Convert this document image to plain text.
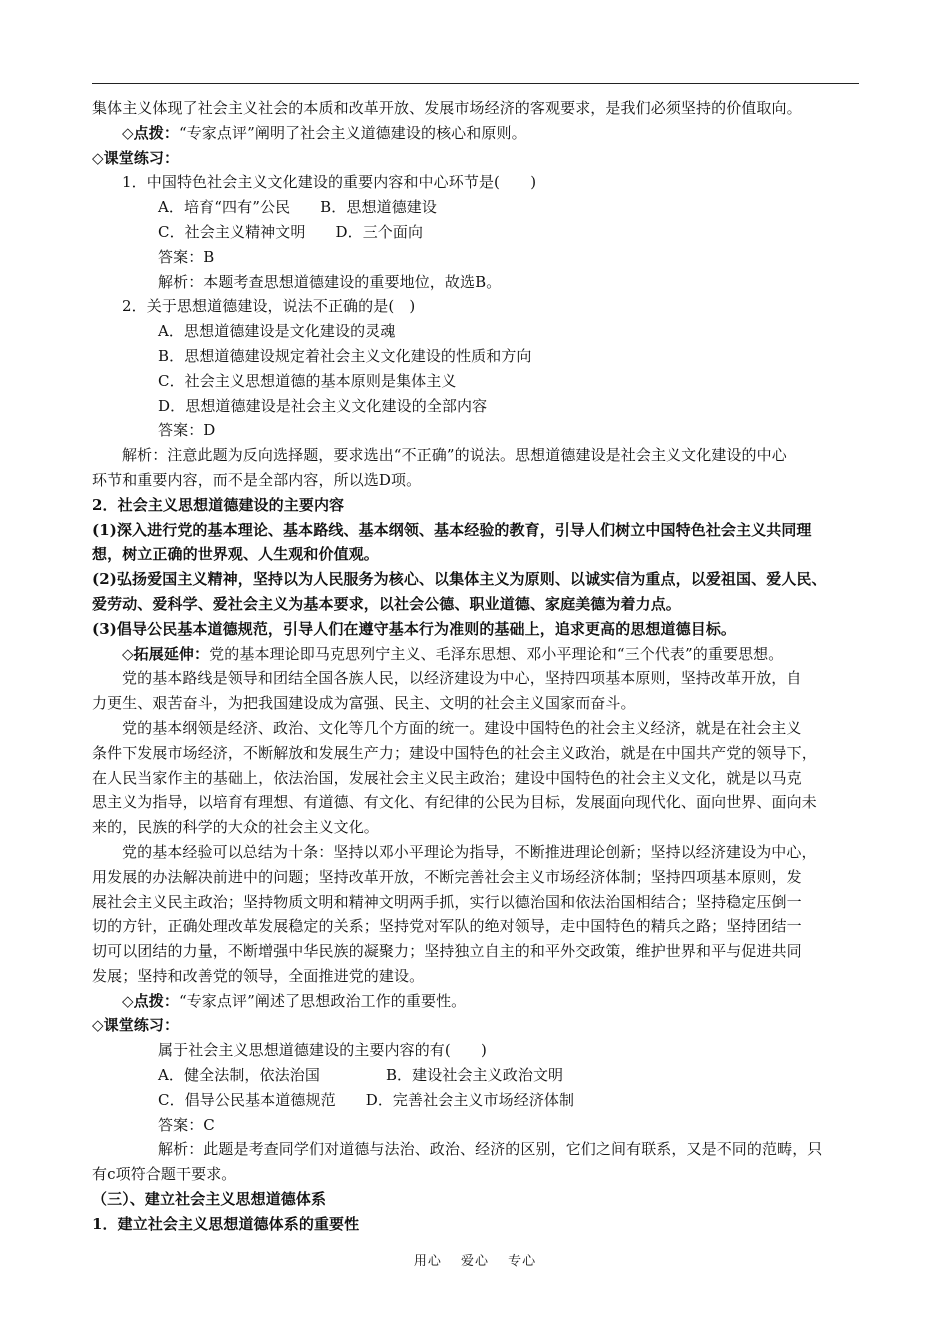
集体主义体现了社会主义社会的本质和改革开放、发展市场经济的客观要求，是我们必须坚持的价值取向。
◇点拨：“专家点评”阐明了社会主义道德建设的核心和原则。
◇课堂练习：
1．中国特色社会主义文化建设的重要内容和中心环节是(　　)
A．培育“四有”公民 B．思想道德建设
C．社会主义精神文明 D．三个面向
答案：B
解析：本题考查思想道德建设的重要地位，故选B。
2．关于思想道德建设，说法不正确的是(　)
A．思想道德建设是文化建设的灵魂
B．思想道德建设规定着社会主义文化建设的性质和方向
C．社会主义思想道德的基本原则是集体主义
D．思想道德建设是社会主义文化建设的全部内容
答案：D
解析：注意此题为反向选择题，要求选出“不正确”的说法。思想道德建设是社会主义文化建设的中心
环节和重要内容，而不是全部内容，所以选D项。
2．社会主义思想道德建设的主要内容
(1)深入进行党的基本理论、基本路线、基本纲领、基本经验的教育，引导人们树立中国特色社会主义共同理
想，树立正确的世界观、人生观和价值观。
(2)弘扬爱国主义精神，坚持以为人民服务为核心、以集体主义为原则、以诚实信为重点，以爱祖国、爱人民、
爱劳动、爱科学、爱社会主义为基本要求，以社会公德、职业道德、家庭美德为着力点。
(3)倡导公民基本道德规范，引导人们在遵守基本行为准则的基础上，追求更高的思想道德目标。
◇拓展延伸：党的基本理论即马克思列宁主义、毛泽东思想、邓小平理论和“三个代表”的重要思想。
党的基本路线是领导和团结全国各族人民，以经济建设为中心，坚持四项基本原则，坚持改革开放，自
力更生、艰苦奋斗，为把我国建设成为富强、民主、文明的社会主义国家而奋斗。
党的基本纲领是经济、政治、文化等几个方面的统一。建设中国特色的社会主义经济，就是在社会主义
条件下发展市场经济，不断解放和发展生产力；建设中国特色的社会主义政治，就是在中国共产党的领导下，
在人民当家作主的基础上，依法治国，发展社会主义民主政治；建设中国特色的社会主义文化，就是以马克
思主义为指导，以培育有理想、有道德、有文化、有纪律的公民为目标，发展面向现代化、面向世界、面向未
来的，民族的科学的大众的社会主义文化。
党的基本经验可以总结为十条：坚持以邓小平理论为指导，不断推进理论创新；坚持以经济建设为中心，
用发展的办法解决前进中的问题；坚持改革开放，不断完善社会主义市场经济体制；坚持四项基本原则，发
展社会主义民主政治；坚持物质文明和精神文明两手抓，实行以德治国和依法治国相结合；坚持稳定压倒一
切的方针，正确处理改革发展稳定的关系；坚持党对军队的绝对领导，走中国特色的精兵之路；坚持团结一
切可以团结的力量，不断增强中华民族的凝聚力；坚持独立自主的和平外交政策，维护世界和平与促进共同
发展；坚持和改善党的领导，全面推进党的建设。
◇点拨：“专家点评”阐述了思想政治工作的重要性。
◇课堂练习：
属于社会主义思想道德建设的主要内容的有(　　)
A．健全法制，依法治国	B．建设社会主义政治文明
C．倡导公民基本道德规范 D．完善社会主义市场经济体制
答案：C
解析：此题是考查同学们对道德与法治、政治、经济的区别，它们之间有联系，又是不同的范畴，只
有c项符合题干要求。
（三）、建立社会主义思想道德体系
1．建立社会主义思想道德体系的重要性
用心 爱心 专心
